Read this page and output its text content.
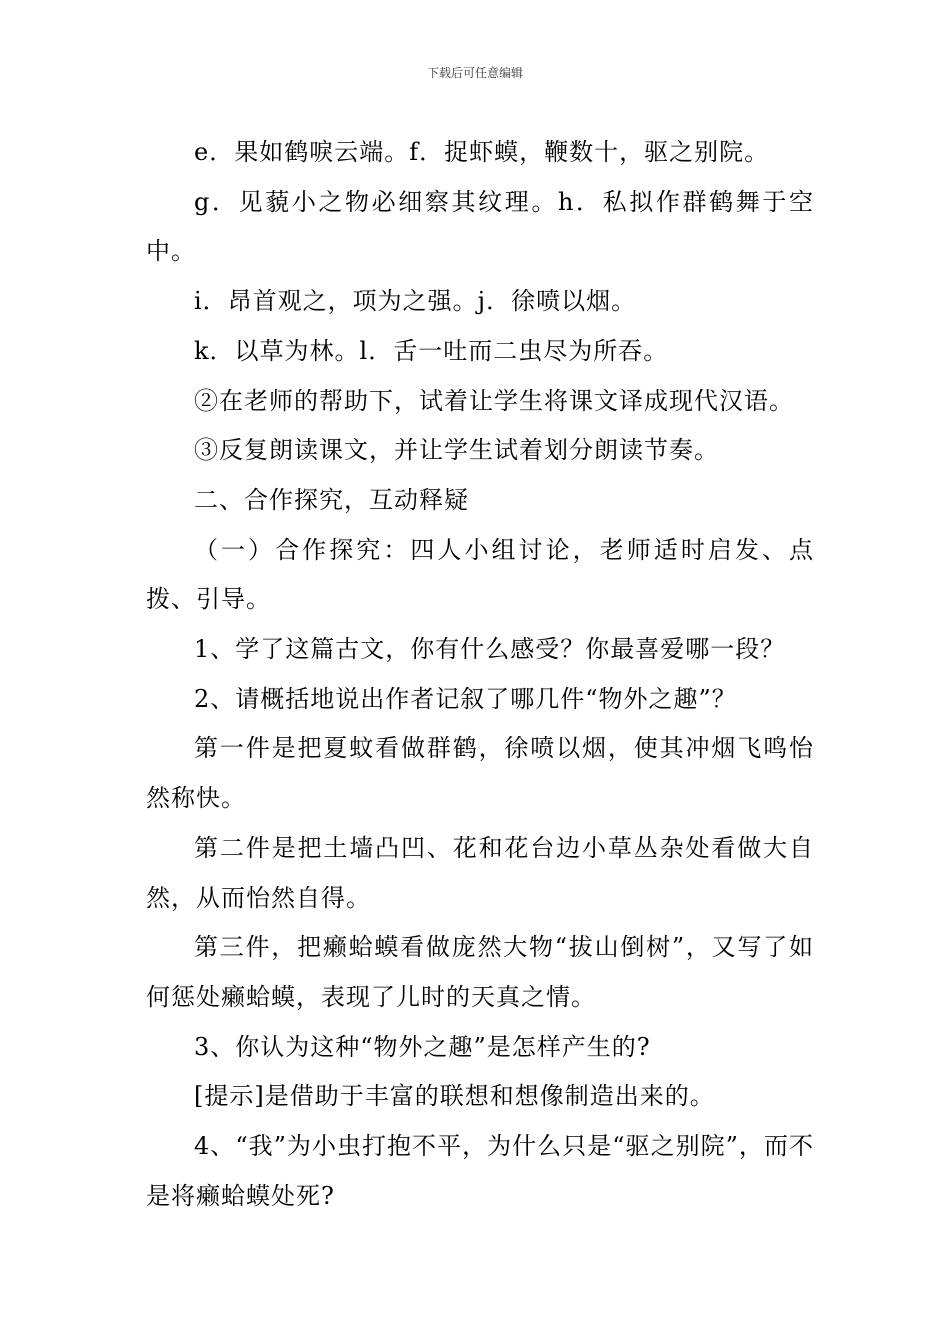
下载后可任意编辑

e．果如鹤唳云端。f．捉虾蟆，鞭数十，驱之别院。

g．见藐小之物必细察其纹理。h．私拟作群鹤舞于空中。

i．昂首观之，项为之强。j．徐喷以烟。

k．以草为林。l．舌一吐而二虫尽为所吞。

②在老师的帮助下，试着让学生将课文译成现代汉语。

③反复朗读课文，并让学生试着划分朗读节奏。

二、合作探究，互动释疑

（一）合作探究：四人小组讨论，老师适时启发、点拨、引导。

1、学了这篇古文，你有什么感受？你最喜爱哪一段？

2、请概括地说出作者记叙了哪几件“物外之趣”？

第一件是把夏蚊看做群鹤，徐喷以烟，使其冲烟飞鸣怡然称快。

第二件是把土墙凸凹、花和花台边小草丛杂处看做大自然，从而怡然自得。

第三件，把癞蛤蟆看做庞然大物“拔山倒树”，又写了如何惩处癞蛤蟆，表现了儿时的天真之情。

3、你认为这种“物外之趣”是怎样产生的?

[提示]是借助于丰富的联想和想像制造出来的。

4、“我”为小虫打抱不平，为什么只是“驱之别院”，而不是将癞蛤蟆处死?
